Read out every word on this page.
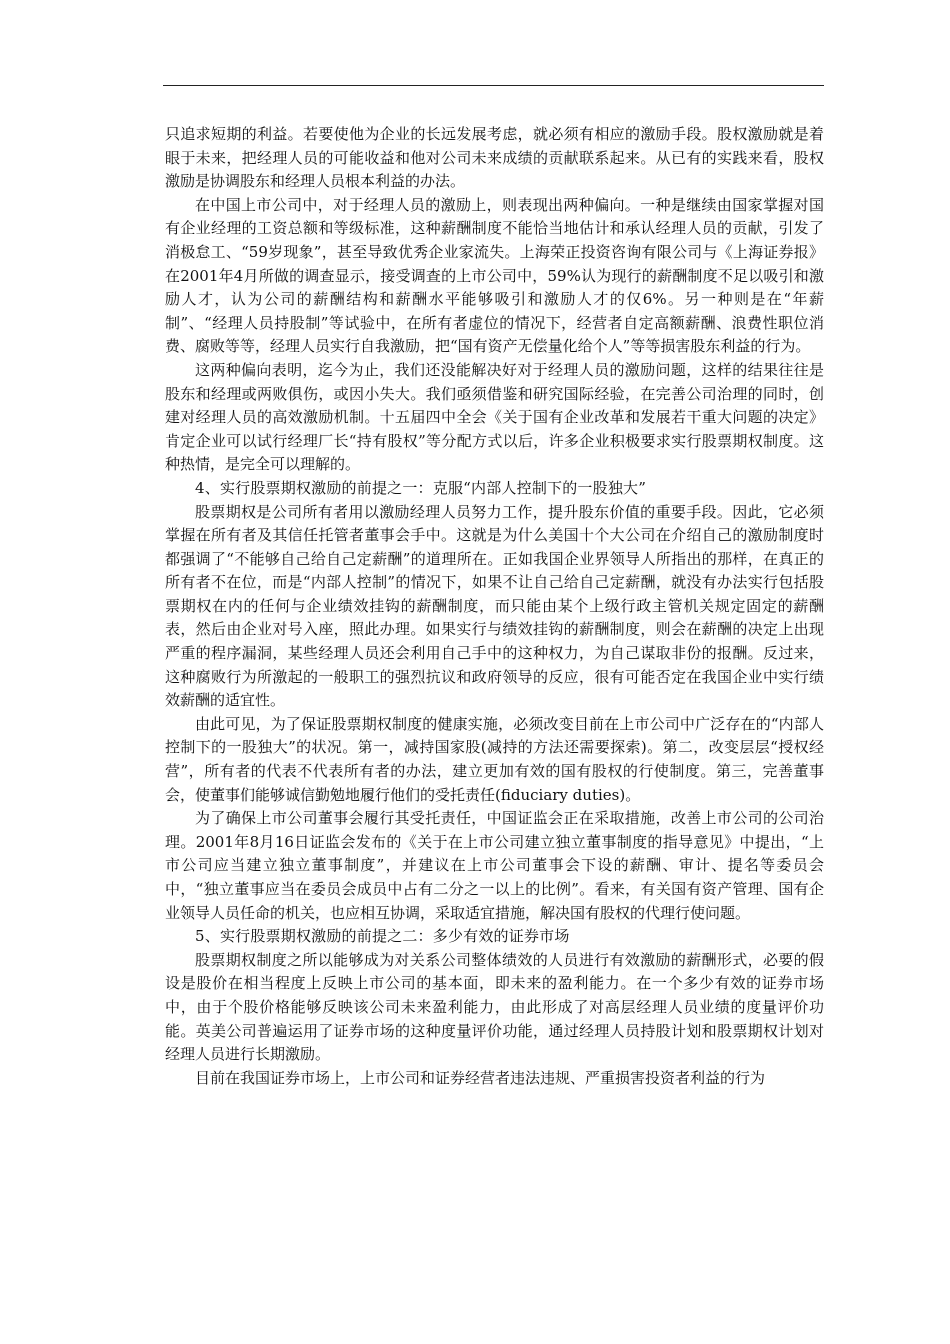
只追求短期的利益。若要使他为企业的长远发展考虑，就必须有相应的激励手段。股权激励就是着眼于未来，把经理人员的可能收益和他对公司未来成绩的贡献联系起来。从已有的实践来看，股权激励是协调股东和经理人员根本利益的办法。

在中国上市公司中，对于经理人员的激励上，则表现出两种偏向。一种是继续由国家掌握对国有企业经理的工资总额和等级标准，这种薪酬制度不能恰当地估计和承认经理人员的贡献，引发了消极怠工、“59岁现象”，甚至导致优秀企业家流失。上海荣正投资咨询有限公司与《上海证券报》在2001年4月所做的调查显示，接受调查的上市公司中，59%认为现行的薪酬制度不足以吸引和激励人才，认为公司的薪酬结构和薪酬水平能够吸引和激励人才的仅6%。另一种则是在“年薪制”、“经理人员持股制”等试验中，在所有者虚位的情况下，经营者自定高额薪酬、浪费性职位消费、腐败等等，经理人员实行自我激励，把“国有资产无偿量化给个人”等等损害股东利益的行为。

这两种偏向表明，迄今为止，我们还没能解决好对于经理人员的激励问题，这样的结果往往是股东和经理或两败俱伤，或因小失大。我们亟须借鉴和研究国际经验，在完善公司治理的同时，创建对经理人员的高效激励机制。十五届四中全会《关于国有企业改革和发展若干重大问题的决定》肯定企业可以试行经理厂长“持有股权”等分配方式以后，许多企业积极要求实行股票期权制度。这种热情，是完全可以理解的。

4、实行股票期权激励的前提之一：克服“内部人控制下的一股独大”

股票期权是公司所有者用以激励经理人员努力工作，提升股东价值的重要手段。因此，它必须掌握在所有者及其信任托管者董事会手中。这就是为什么美国十个大公司在介绍自己的激励制度时都强调了“不能够自己给自己定薪酬”的道理所在。正如我国企业界领导人所指出的那样，在真正的所有者不在位，而是“内部人控制”的情况下，如果不让自己给自己定薪酬，就没有办法实行包括股票期权在内的任何与企业绩效挂钩的薪酬制度，而只能由某个上级行政主管机关规定固定的薪酬表，然后由企业对号入座，照此办理。如果实行与绩效挂钩的薪酬制度，则会在薪酬的决定上出现严重的程序漏洞，某些经理人员还会利用自己手中的这种权力，为自己谋取非份的报酬。反过来，这种腐败行为所激起的一般职工的强烈抗议和政府领导的反应，很有可能否定在我国企业中实行绩效薪酬的适宜性。

由此可见，为了保证股票期权制度的健康实施，必须改变目前在上市公司中广泛存在的“内部人控制下的一股独大”的状况。第一，减持国家股(减持的方法还需要探索)。第二，改变层层“授权经营”，所有者的代表不代表所有者的办法，建立更加有效的国有股权的行使制度。第三，完善董事会，使董事们能够诚信勤勉地履行他们的受托责任(fiduciary duties)。

为了确保上市公司董事会履行其受托责任，中国证监会正在采取措施，改善上市公司的公司治理。2001年8月16日证监会发布的《关于在上市公司建立独立董事制度的指导意见》中提出，“上市公司应当建立独立董事制度”，并建议在上市公司董事会下设的薪酬、审计、提名等委员会中，“独立董事应当在委员会成员中占有二分之一以上的比例”。看来，有关国有资产管理、国有企业领导人员任命的机关，也应相互协调，采取适宜措施，解决国有股权的代理行使问题。

5、实行股票期权激励的前提之二：多少有效的证券市场

股票期权制度之所以能够成为对关系公司整体绩效的人员进行有效激励的薪酬形式，必要的假设是股价在相当程度上反映上市公司的基本面，即未来的盈利能力。在一个多少有效的证券市场中，由于个股价格能够反映该公司未来盈利能力，由此形成了对高层经理人员业绩的度量评价功能。英美公司普遍运用了证券市场的这种度量评价功能，通过经理人员持股计划和股票期权计划对经理人员进行长期激励。

目前在我国证券市场上，上市公司和证券经营者违法违规、严重损害投资者利益的行为
